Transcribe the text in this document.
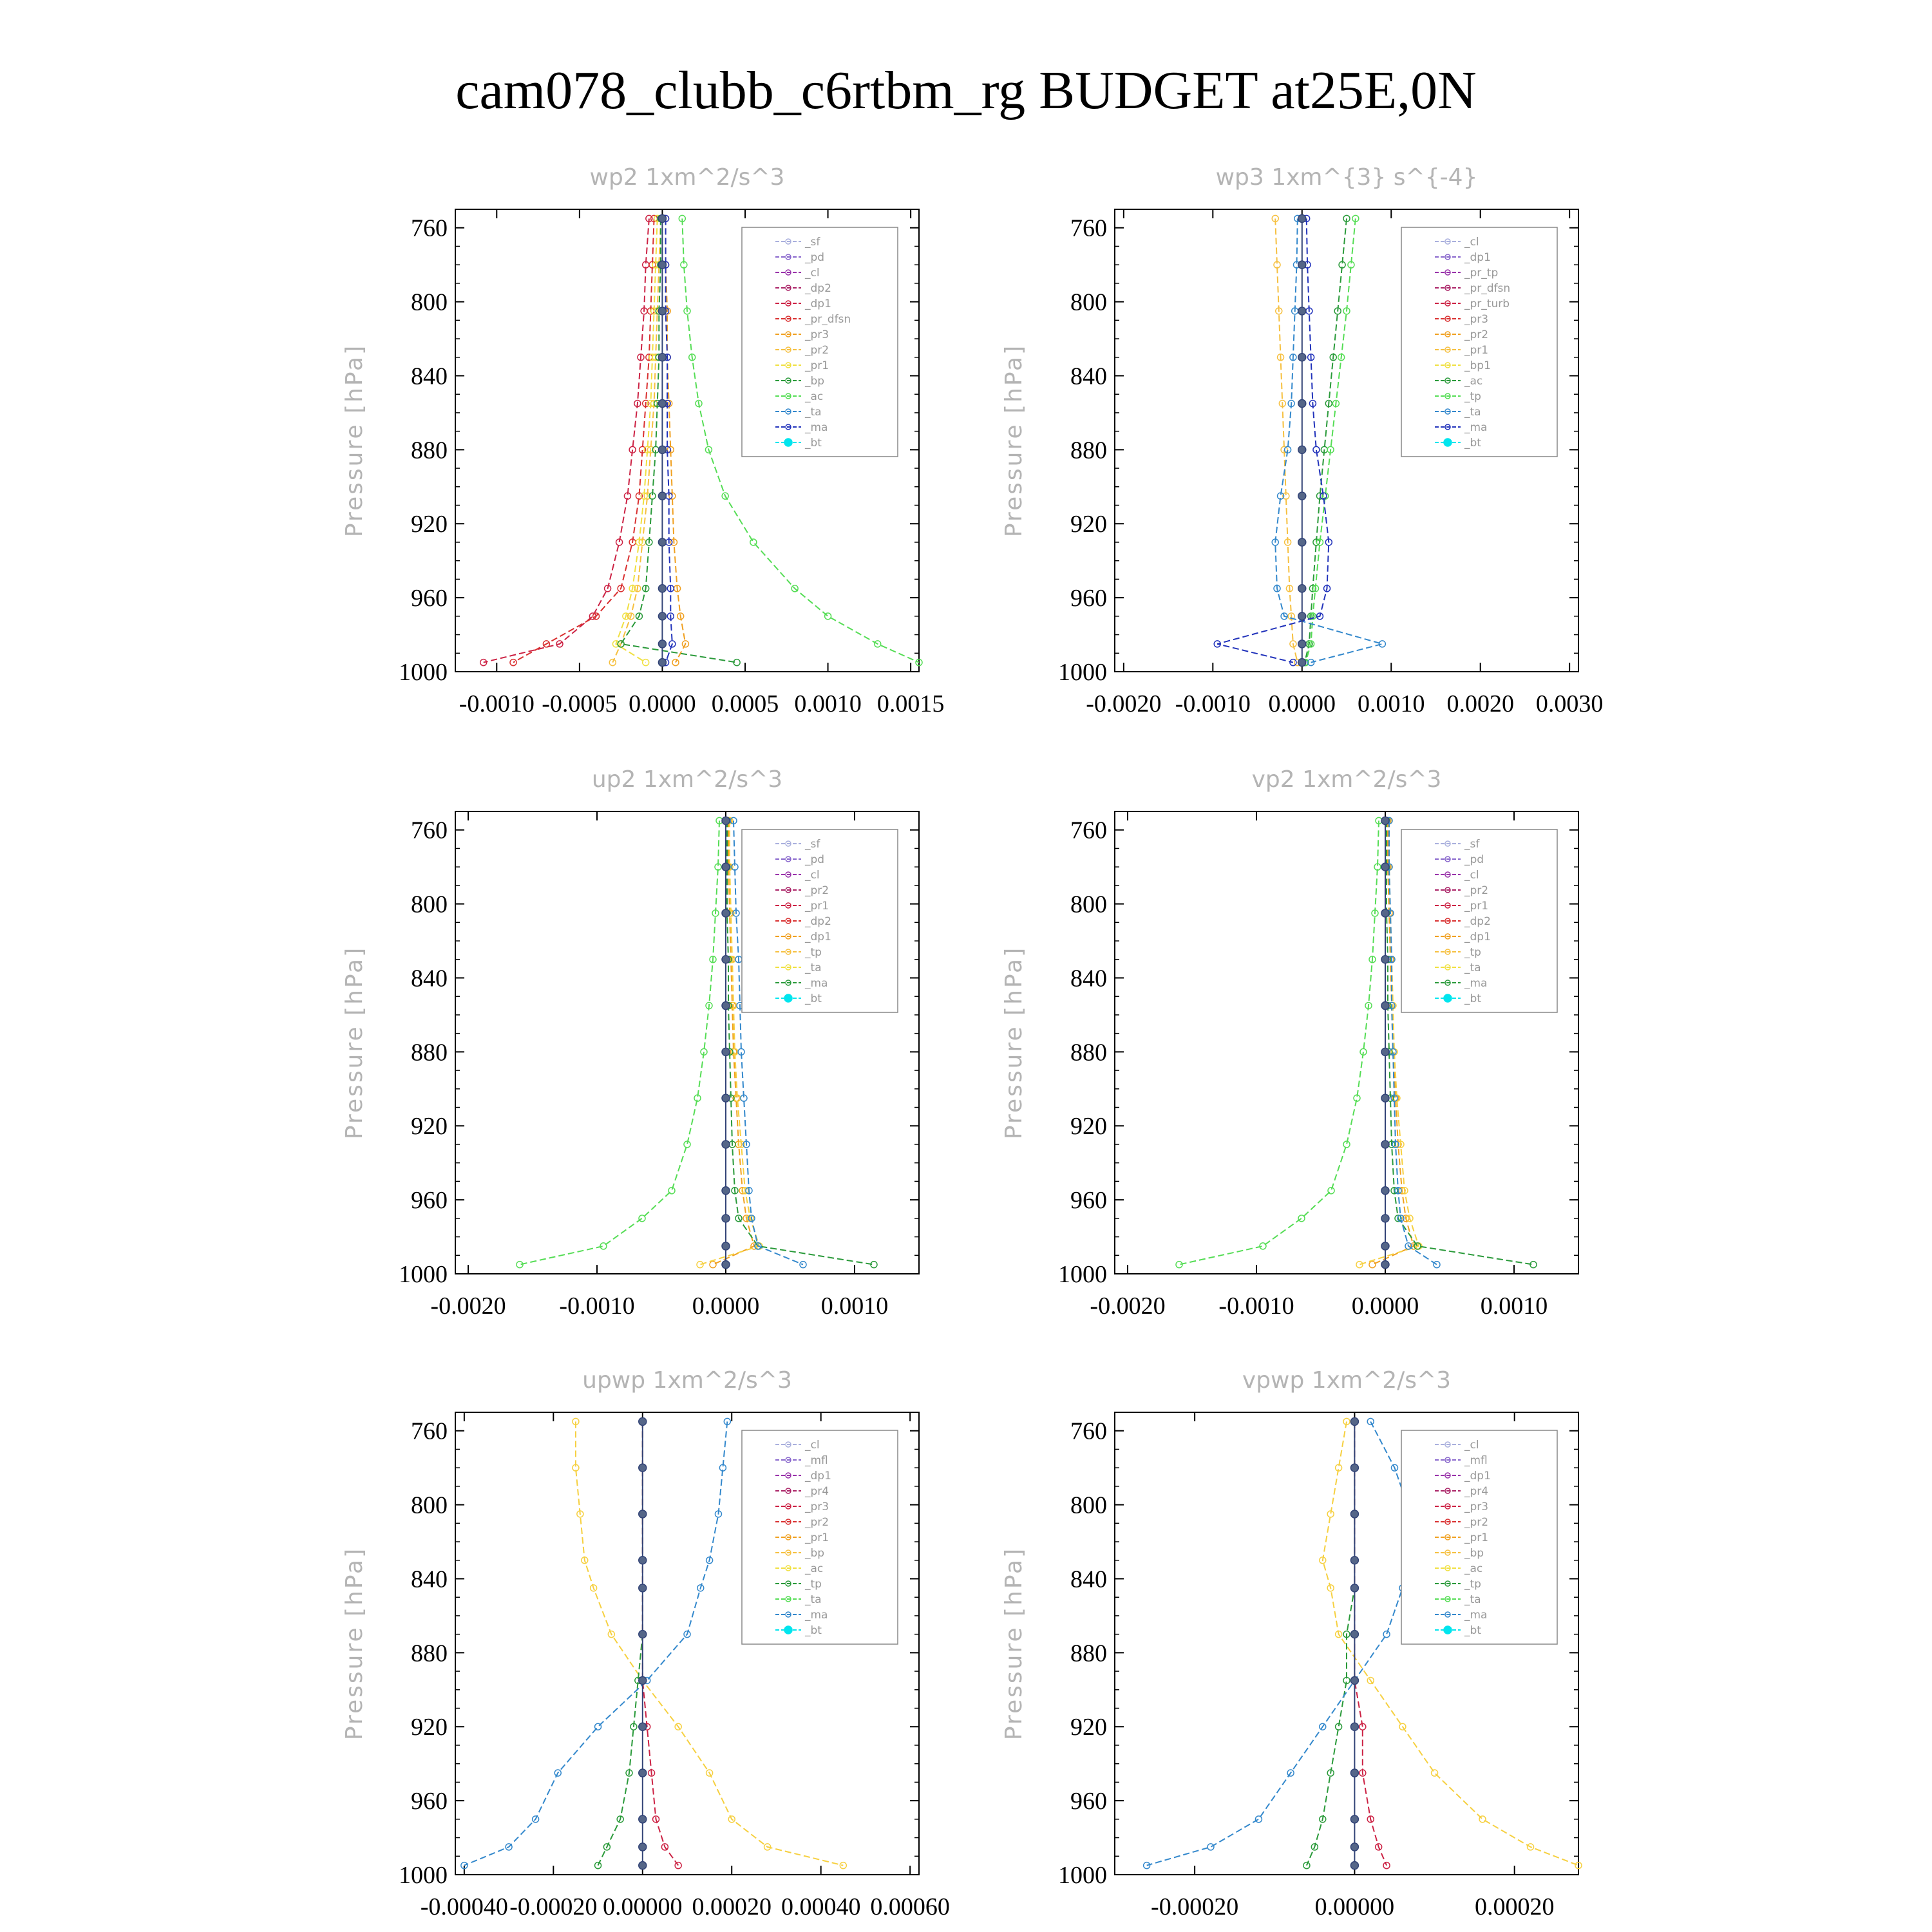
cam078_clubb_c6rtbm_rg BUDGET at25E,0N
wp2 1xm^2/s^3
Pressure [hPa]
760
800
840
880
920
960
1000
-0.0010 -0.0005 0.0000 0.0005 0.0010 0.0015
_sf
_pd
_cl
_dp2
_dp1
_pr_dfsn
_pr3
_pr2
_pr1
_bp
_ac
_ta
_ma
_bt
wp3 1xm^{3} s^{-4}
Pressure [hPa]
760
800
840
880
920
960
1000
-0.0020 -0.0010 0.0000 0.0010 0.0020 0.0030
_cl
_dp1
_pr_tp
_pr_dfsn
_pr_turb
_pr3
_pr2
_pr1
_bp1
_ac
_tp
_ta
_ma
_bt
up2 1xm^2/s^3
Pressure [hPa]
760
800
840
880
920
960
1000
-0.0020 -0.0010 0.0000	0.0010
_sf
_pd
_cl
_pr2
_pr1
_dp2
_dp1
_tp
_ta
_ma
_bt
vp2 1xm^2/s^3
Pressure [hPa]
760
800
840
880
920
960
1000
-0.0020 -0.0010 0.0000	0.0010
_sf
_pd
_cl
_pr2
_pr1
_dp2
_dp1
_tp
_ta
_ma
_bt
upwp 1xm^2/s^3
Pressure [hPa]
760
800
840
880
920
960
1000
-0.00040 -0.00020 0.00000 0.00020 0.00040 0.00060
_cl
_mfl
_dp1
_pr4
_pr3
_pr2
_pr1
_bp
_ac
_tp
_ta
_ma
_bt
vpwp 1xm^2/s^3
Pressure [hPa]
760
800
840
880
920
960
1000
-0.00020	0.00000	0.00020
_cl
_mfl
_dp1
_pr4
_pr3
_pr2
_pr1
_bp
_ac
_tp
_ta
_ma
_bt
